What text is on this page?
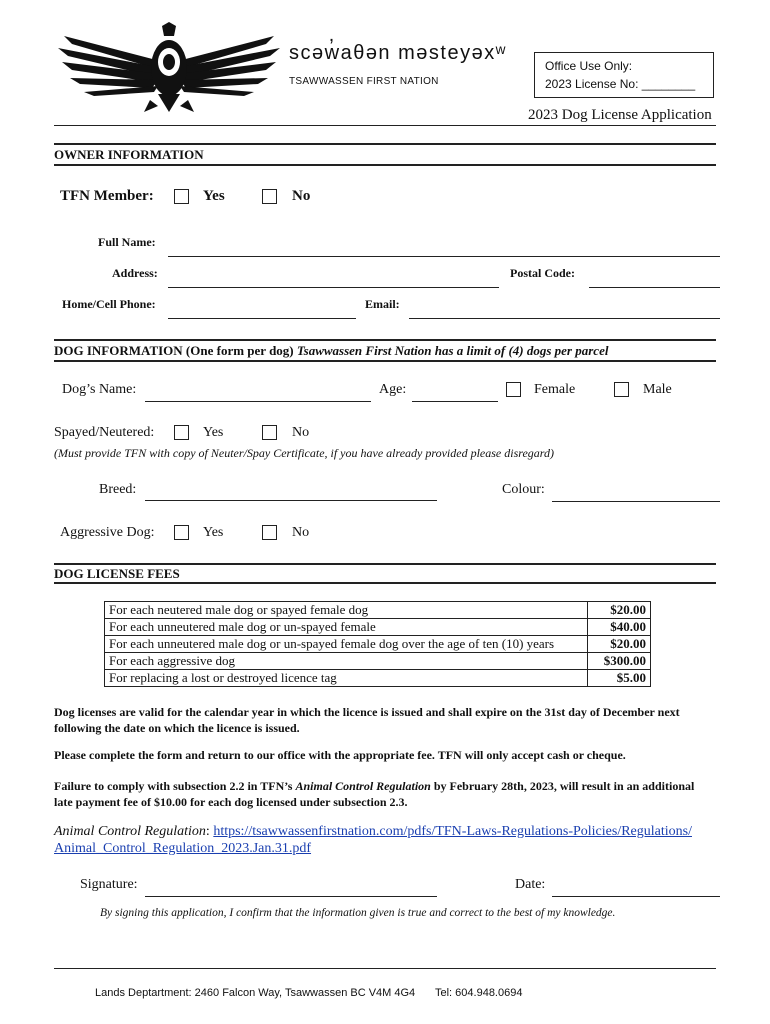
scəw̓aθən məsteyəxʷ
TSAWWASSEN FIRST NATION
Office Use Only:
2023 License No: ________
2023 Dog License Application
OWNER INFORMATION
TFN Member:	Yes	No
Full Name:
Address:	Postal Code:
Home/Cell Phone:	Email:
DOG INFORMATION (One form per dog) Tsawwassen First Nation has a limit of (4) dogs per parcel
Dog’s Name:	Age:	Female	Male
Spayed/Neutered:	Yes	No
(Must provide TFN with copy of Neuter/Spay Certificate, if you have already provided please disregard)
Breed:	Colour:
Aggressive Dog:	Yes	No
DOG LICENSE FEES
For each neutered male dog or spayed female dog	$20.00
For each unneutered male dog or un-spayed female	$40.00
For each unneutered male dog or un-spayed female dog over the age of ten (10) years	$20.00
For each aggressive dog	$300.00
For replacing a lost or destroyed licence tag	$5.00
Dog licenses are valid for the calendar year in which the licence is issued and shall expire on the 31st day of December next following the date on which the licence is issued.
Please complete the form and return to our office with the appropriate fee. TFN will only accept cash or cheque.
Failure to comply with subsection 2.2 in TFN’s Animal Control Regulation by February 28th, 2023, will result in an additional late payment fee of $10.00 for each dog licensed under subsection 2.3.
Animal Control Regulation: https://tsawwassenfirstnation.com/pdfs/TFN-Laws-Regulations-Policies/Regulations/
Animal_Control_Regulation_2023.Jan.31.pdf
Signature:	Date:
By signing this application, I confirm that the information given is true and correct to the best of my knowledge.
Lands Deptartment: 2460 Falcon Way, Tsawwassen BC V4M 4G4 Tel: 604.948.0694
